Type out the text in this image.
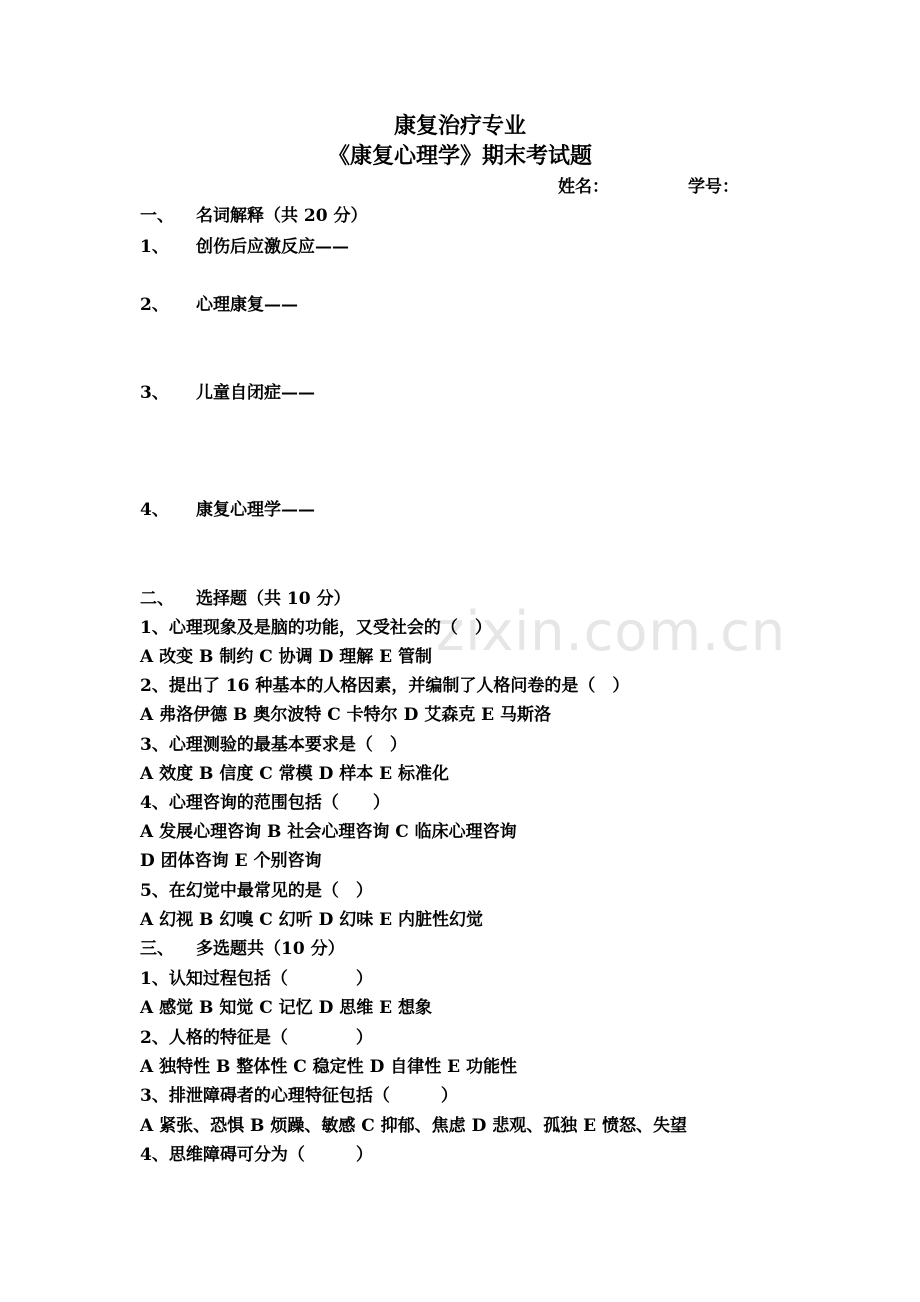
zixin.com.cn
康复治疗专业
《康复心理学》期末考试题
姓名：	学号：
一、 名词解释（共 20 分）
1、 创伤后应激反应——
2、 心理康复——
3、 儿童自闭症——
4、 康复心理学——
二、 选择题（共 10 分）
1、心理现象及是脑的功能，又受社会的（　）
A 改变 B 制约 C 协调 D 理解 E 管制
2、提出了 16 种基本的人格因素，并编制了人格问卷的是（　）
A 弗洛伊德 B 奥尔波特 C 卡特尔 D 艾森克 E 马斯洛
3、心理测验的最基本要求是（　）
A 效度 B 信度 C 常模 D 样本 E 标准化
4、心理咨询的范围包括（　　）
A 发展心理咨询 B 社会心理咨询 C 临床心理咨询
D 团体咨询 E 个别咨询
5、在幻觉中最常见的是（　）
A 幻视 B 幻嗅 C 幻听 D 幻味 E 内脏性幻觉
三、 多选题共（10 分）
1、认知过程包括（　　　　）
A 感觉 B 知觉 C 记忆 D 思维 E 想象
2、人格的特征是（　　　　）
A 独特性 B 整体性 C 稳定性 D 自律性 E 功能性
3、排泄障碍者的心理特征包括（　　　）
A 紧张、恐惧 B 烦躁、敏感 C 抑郁、焦虑 D 悲观、孤独 E 愤怒、失望
4、思维障碍可分为（　　　）
